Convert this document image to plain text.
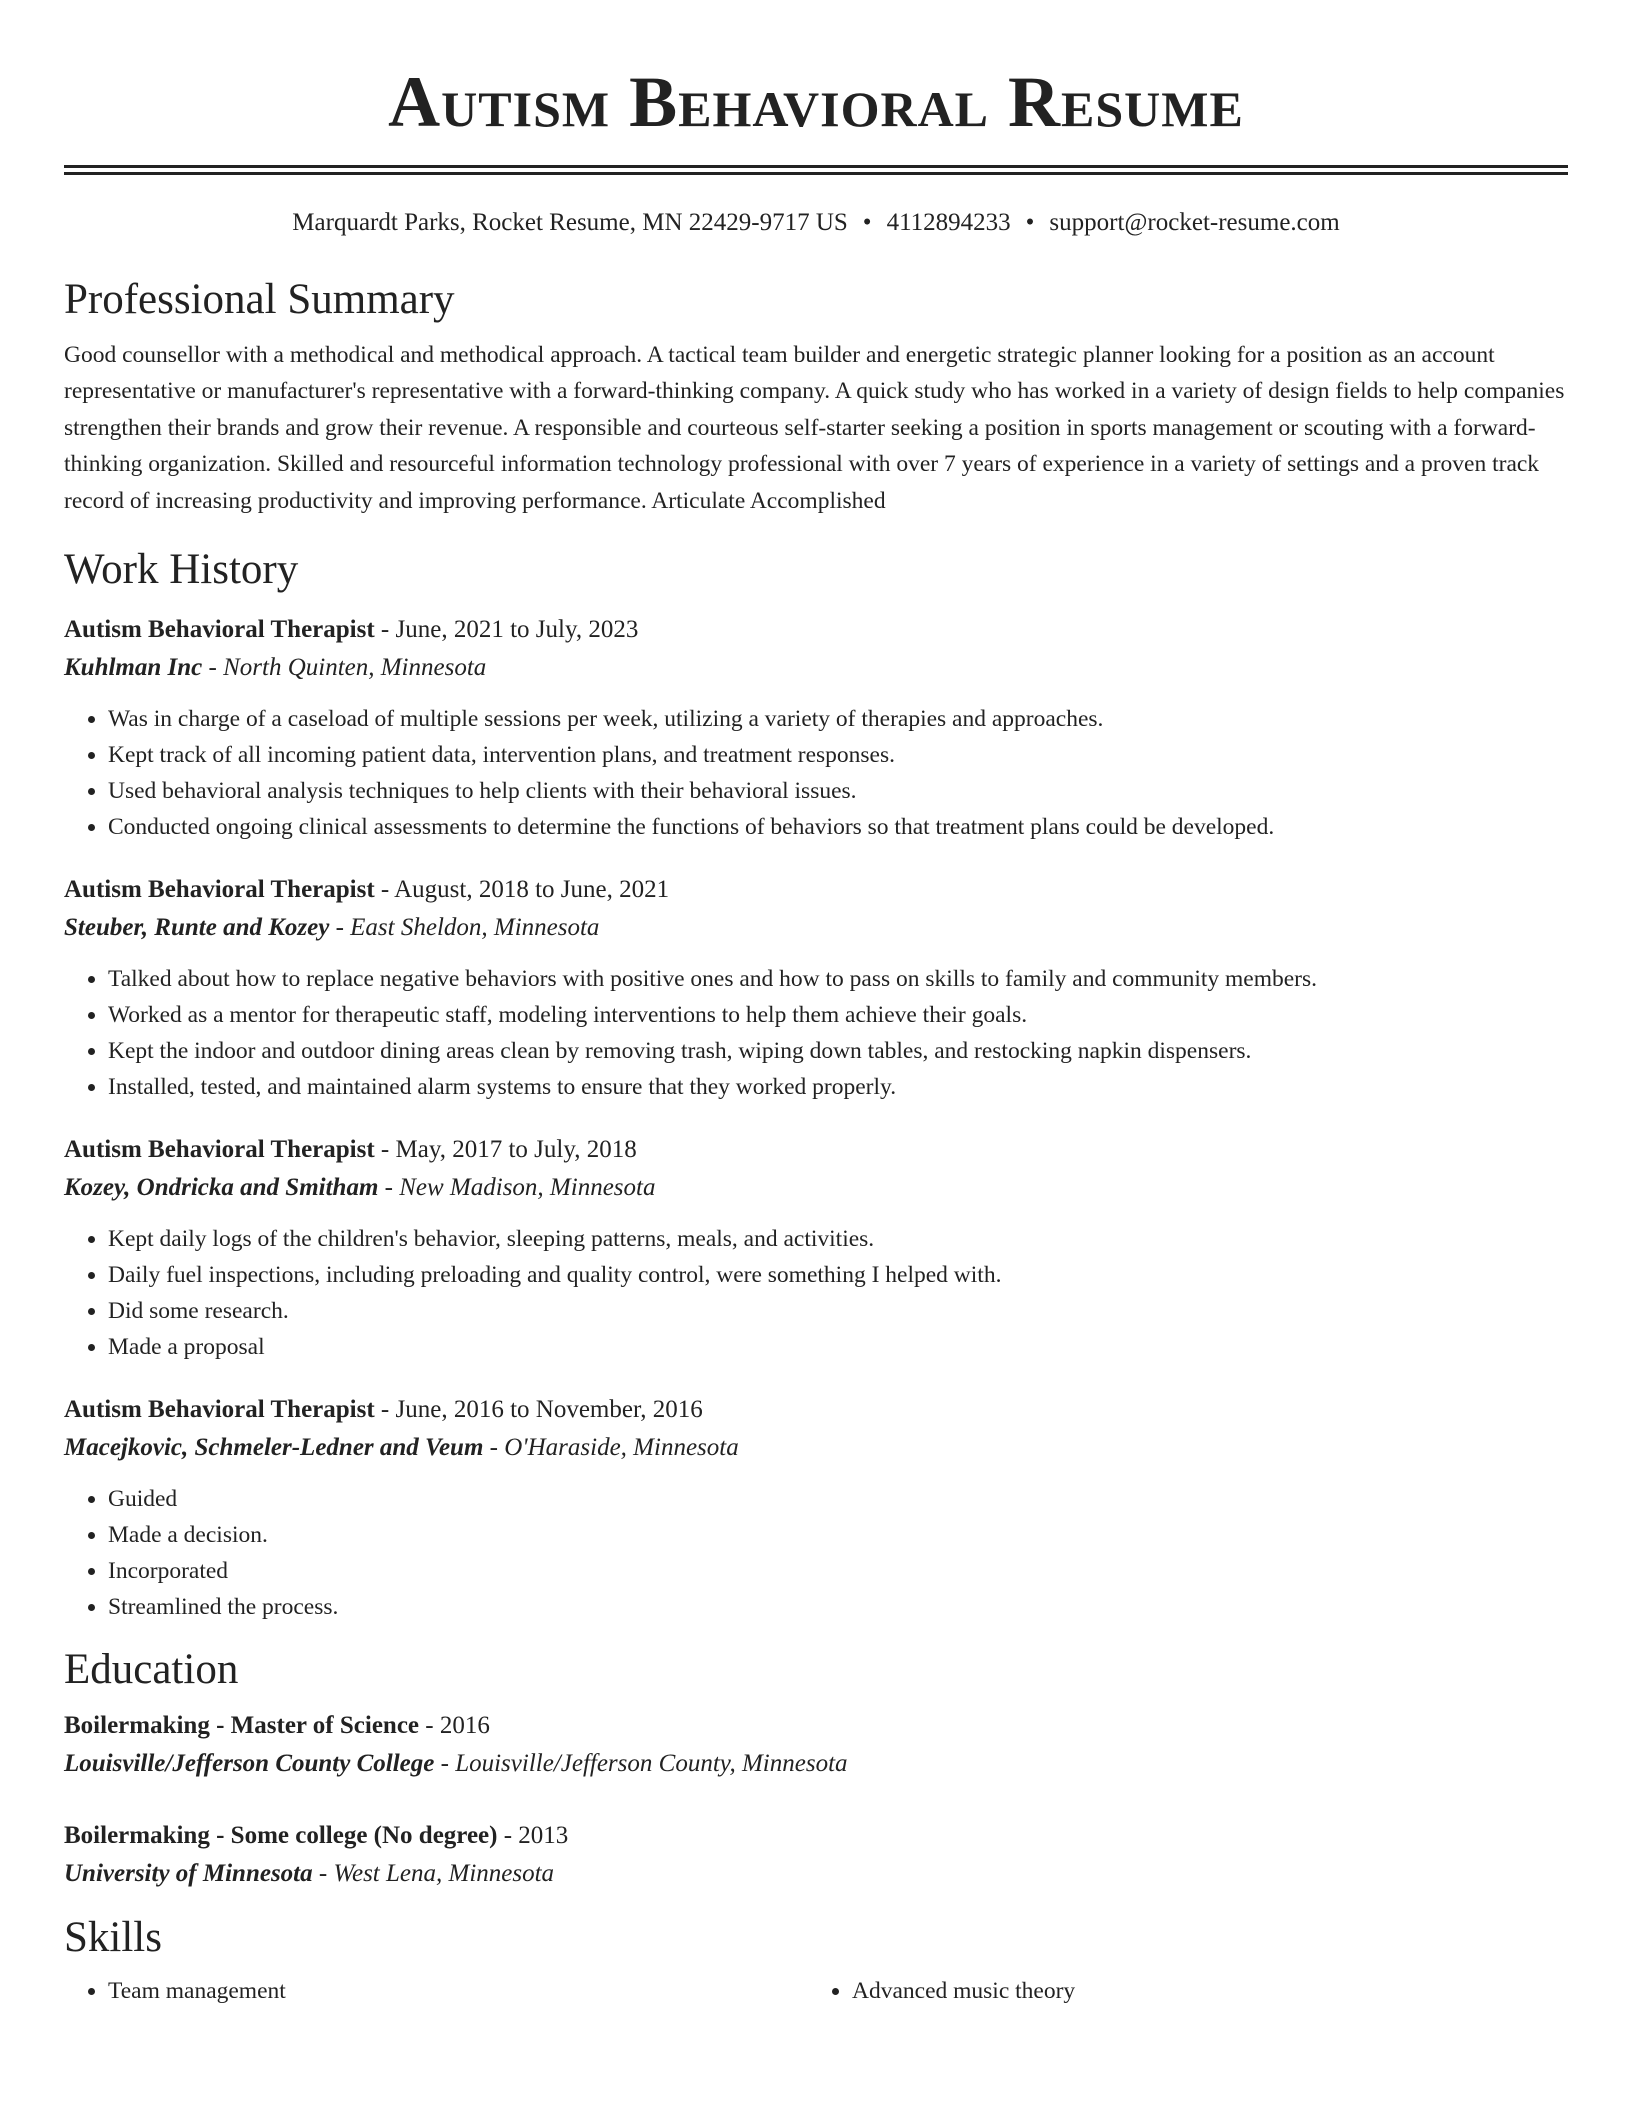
Autism Behavioral Resume
Marquardt Parks, Rocket Resume, MN 22429-9717 US • 4112894233 • support@rocket-resume.com
Professional Summary

Good counsellor with a methodical and methodical approach. A tactical team builder and energetic strategic planner looking for a position as an account representative or manufacturer's representative with a forward-thinking company. A quick study who has worked in a variety of design fields to help companies strengthen their brands and grow their revenue. A responsible and courteous self-starter seeking a position in sports management or scouting with a forward-thinking organization. Skilled and resourceful information technology professional with over 7 years of experience in a variety of settings and a proven track record of increasing productivity and improving performance. Articulate Accomplished

Work History
Autism Behavioral Therapist - June, 2021 to July, 2023
Kuhlman Inc - North Quinten, Minnesota
• Was in charge of a caseload of multiple sessions per week, utilizing a variety of therapies and approaches.
• Kept track of all incoming patient data, intervention plans, and treatment responses.
• Used behavioral analysis techniques to help clients with their behavioral issues.
• Conducted ongoing clinical assessments to determine the functions of behaviors so that treatment plans could be developed.
Autism Behavioral Therapist - August, 2018 to June, 2021
Steuber, Runte and Kozey - East Sheldon, Minnesota
• Talked about how to replace negative behaviors with positive ones and how to pass on skills to family and community members.
• Worked as a mentor for therapeutic staff, modeling interventions to help them achieve their goals.
• Kept the indoor and outdoor dining areas clean by removing trash, wiping down tables, and restocking napkin dispensers.
• Installed, tested, and maintained alarm systems to ensure that they worked properly.
Autism Behavioral Therapist - May, 2017 to July, 2018
Kozey, Ondricka and Smitham - New Madison, Minnesota
• Kept daily logs of the children's behavior, sleeping patterns, meals, and activities.
• Daily fuel inspections, including preloading and quality control, were something I helped with.
• Did some research.
• Made a proposal
Autism Behavioral Therapist - June, 2016 to November, 2016
Macejkovic, Schmeler-Ledner and Veum - O'Haraside, Minnesota
• Guided
• Made a decision.
• Incorporated
• Streamlined the process.
Education
Boilermaking - Master of Science - 2016
Louisville/Jefferson County College - Louisville/Jefferson County, Minnesota
Boilermaking - Some college (No degree) - 2013
University of Minnesota - West Lena, Minnesota
Skills
• Team management
•	Advanced music theory
